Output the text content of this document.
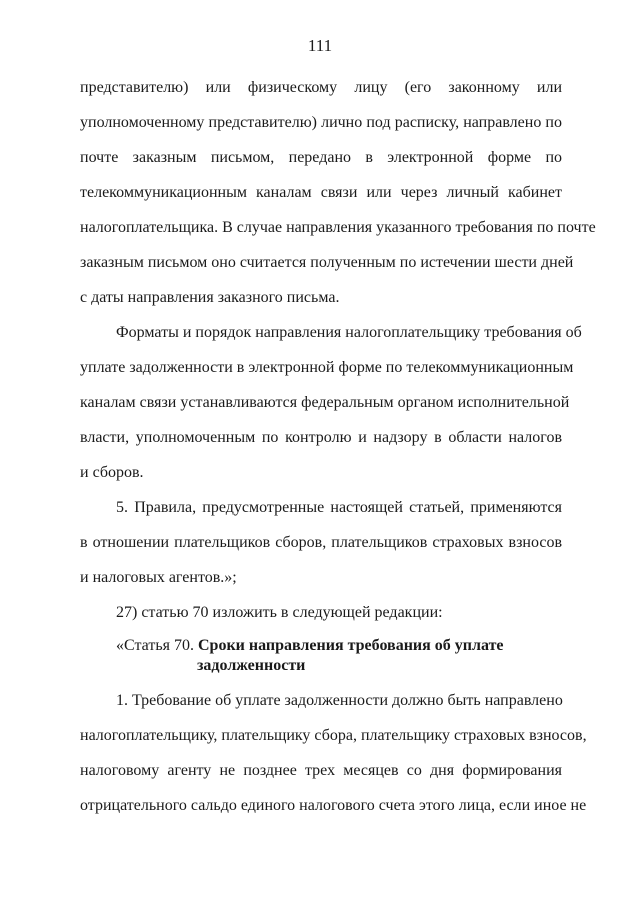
111
представителю) или физическому лицу (его законному или
уполномоченному представителю) лично под расписку, направлено по
почте заказным письмом, передано в электронной форме по
телекоммуникационным каналам связи или через личный кабинет
налогоплательщика. В случае направления указанного требования по почте
заказным письмом оно считается полученным по истечении шести дней
с даты направления заказного письма.
Форматы и порядок направления налогоплательщику требования об
уплате задолженности в электронной форме по телекоммуникационным
каналам связи устанавливаются федеральным органом исполнительной
власти, уполномоченным по контролю и надзору в области налогов
и сборов.
5. Правила, предусмотренные настоящей статьей, применяются
в отношении плательщиков сборов, плательщиков страховых взносов
и налоговых агентов.»;
27) статью 70 изложить в следующей редакции:
«Статья 70. Сроки направления требования об уплате
задолженности
1. Требование об уплате задолженности должно быть направлено
налогоплательщику, плательщику сбора, плательщику страховых взносов,
налоговому агенту не позднее трех месяцев со дня формирования
отрицательного сальдо единого налогового счета этого лица, если иное не
